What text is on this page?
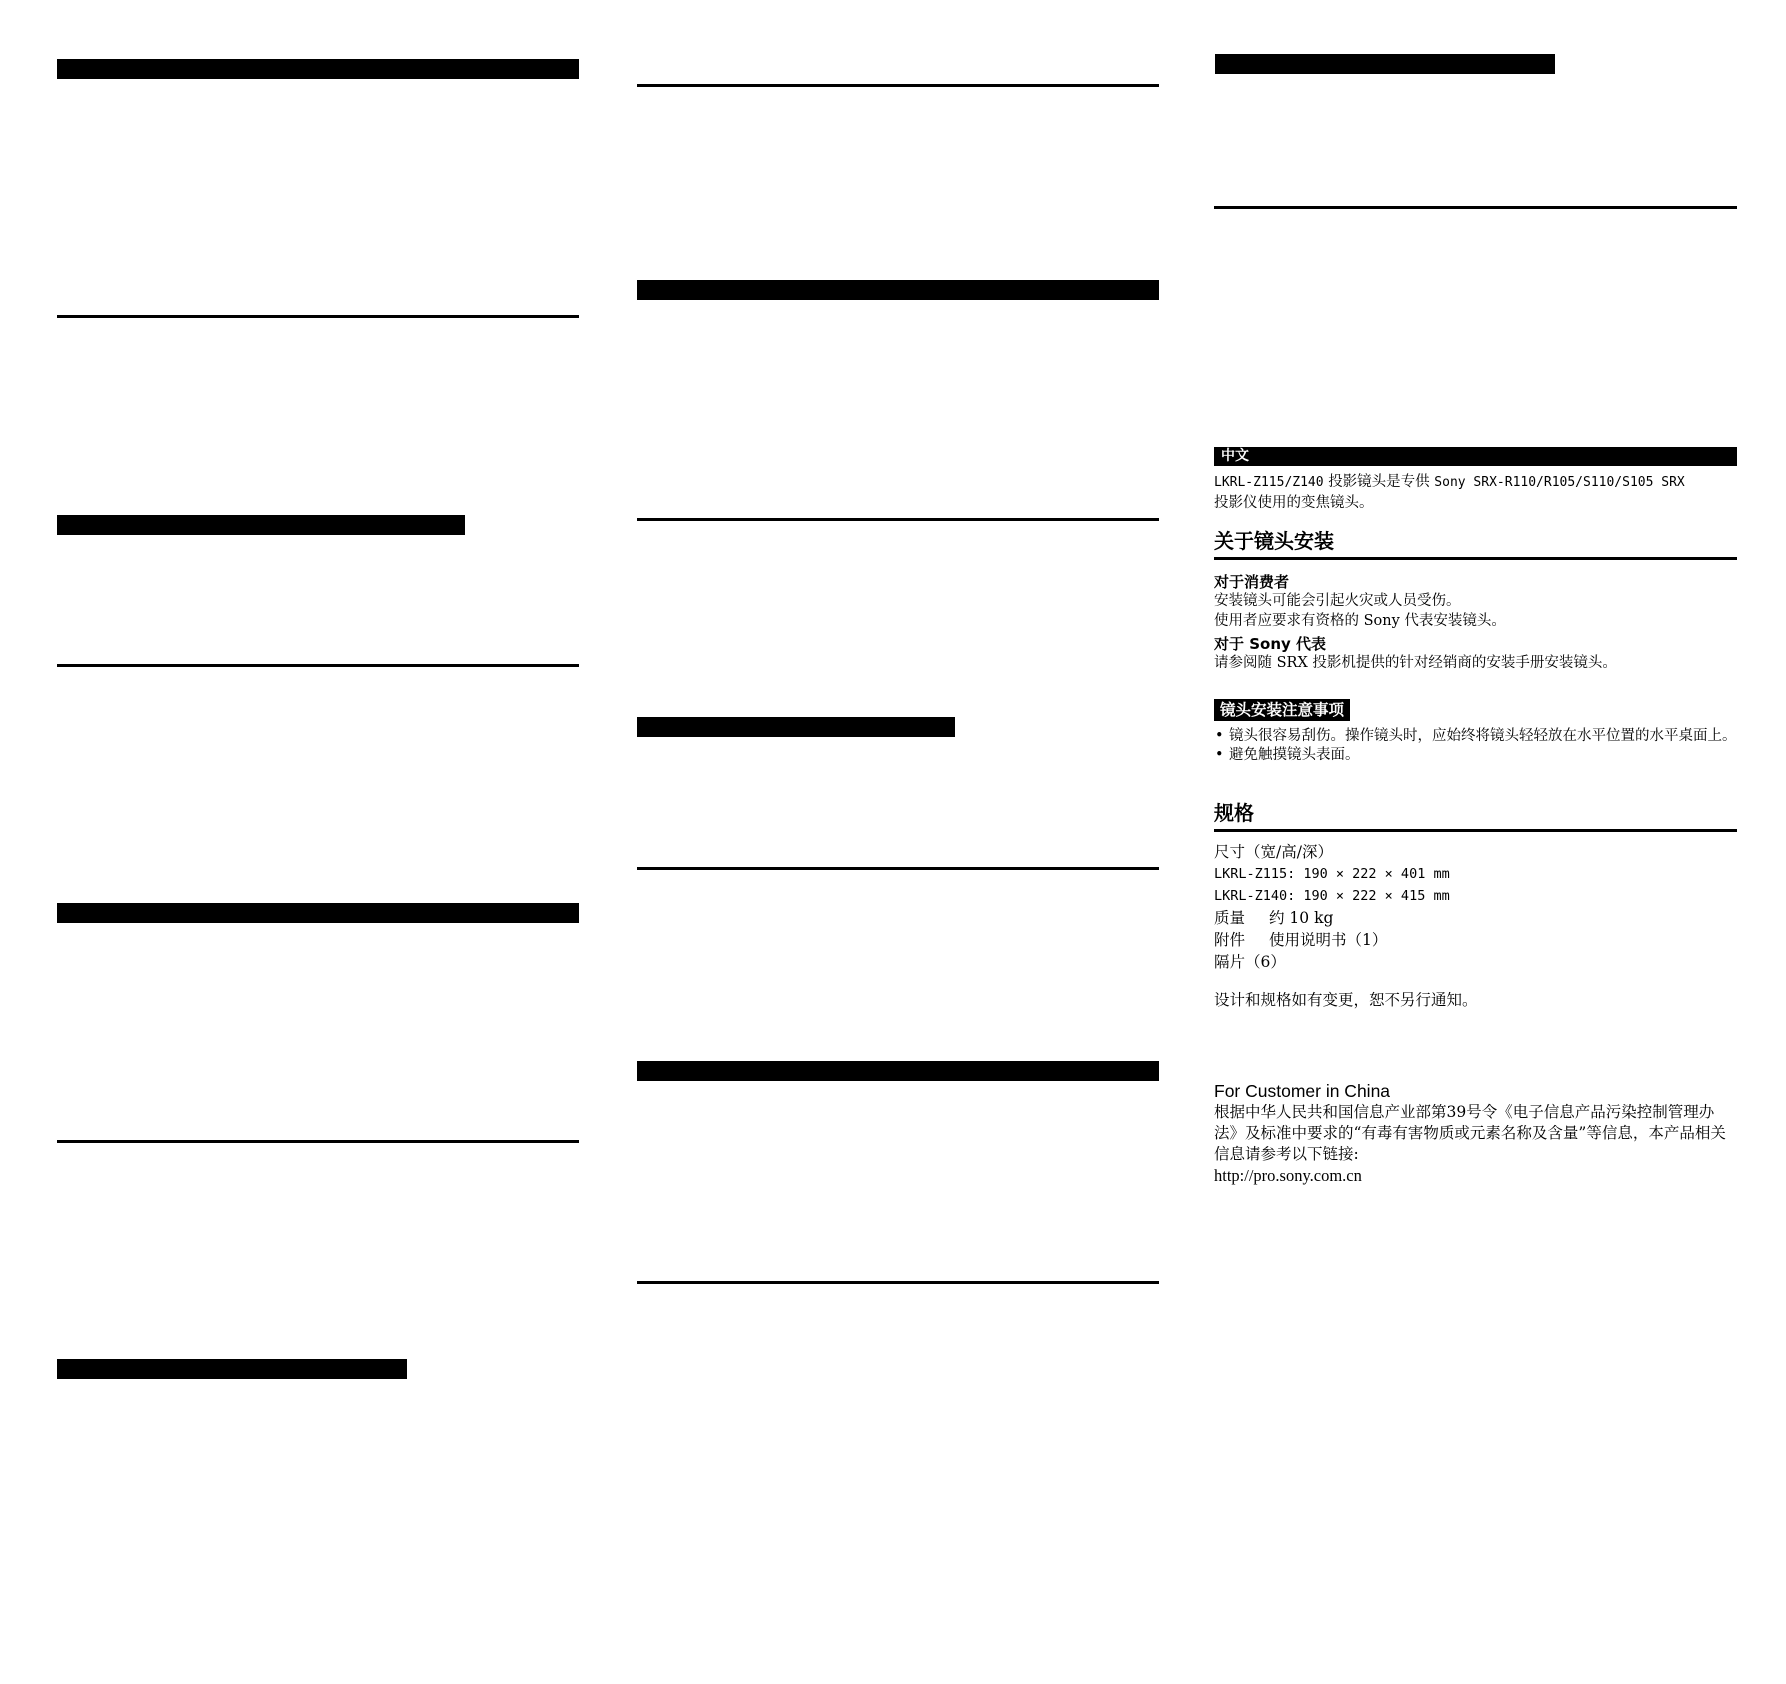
中文
LKRL-Z115/Z140 投影镜头是专供 Sony SRX-R110/R105/S110/S105 SRX
投影仪使用的变焦镜头。
关于镜头安装
对于消费者
安装镜头可能会引起火灾或人员受伤。
使用者应要求有资格的 Sony 代表安装镜头。
对于 Sony 代表
请参阅随 SRX 投影机提供的针对经销商的安装手册安装镜头。
镜头安装注意事项
• 镜头很容易刮伤。操作镜头时，应始终将镜头轻轻放在水平位置的水平桌面上。
• 避免触摸镜头表面。
规格
尺寸（宽/高/深）
LKRL-Z115: 190 × 222 × 401 mm
LKRL-Z140: 190 × 222 × 415 mm
质量 约 10 kg
附件 使用说明书（1）
隔片（6）
设计和规格如有变更，恕不另行通知。
For Customer in China
根据中华人民共和国信息产业部第39号令《电子信息产品污染控制管理办法》及标准中要求的“有毒有害物质或元素名称及含量”等信息，本产品相关信息请参考以下链接:
http://pro.sony.com.cn
